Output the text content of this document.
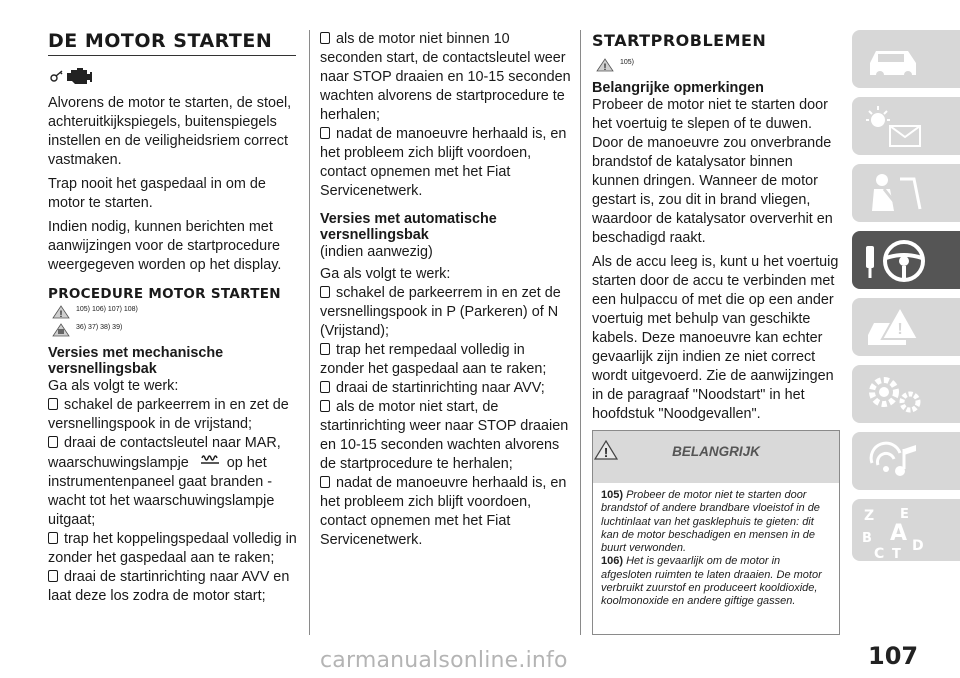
DE MOTOR STARTEN

Alvorens de motor te starten, de stoel, achteruitkijkspiegels, buitenspiegels instellen en de veiligheidsriem correct vastmaken.

Trap nooit het gaspedaal in om de motor te starten.

Indien nodig, kunnen berichten met aanwijzingen voor de startprocedure weergegeven worden op het display.

PROCEDURE MOTOR STARTEN
! 105) 106) 107) 108)
36) 37) 38) 39)
Versies met mechanische versnellingsbak

Ga als volgt te werk:

schakel de parkeerrem in en zet de versnellingspook in de vrijstand;
draai de contactsleutel naar MAR, waarschuwingslampje	op het instrumentenpaneel gaat branden - wacht tot het waarschuwingslampje uitgaat;
trap het koppelingspedaal volledig in zonder het gaspedaal aan te raken;
draai de startinrichting naar AVV en laat deze los zodra de motor start;
als de motor niet binnen 10 seconden start, de contactsleutel weer naar STOP draaien en 10-15 seconden wachten alvorens de startprocedure te herhalen;
nadat de manoeuvre herhaald is, en het probleem zich blijft voordoen, contact opnemen met het Fiat Servicenetwerk.
Versies met automatische versnellingsbak

(indien aanwezig)

Ga als volgt te werk:

schakel de parkeerrem in en zet de versnellingspook in P (Parkeren) of N (Vrijstand);
trap het rempedaal volledig in zonder het gaspedaal aan te raken;
draai de startinrichting naar AVV;
als de motor niet start, de startinrichting weer naar STOP draaien en 10-15 seconden wachten alvorens de startprocedure te herhalen;
nadat de manoeuvre herhaald is, en het probleem zich blijft voordoen, contact opnemen met het Fiat Servicenetwerk.
STARTPROBLEMEN
! 105)
Belangrijke opmerkingen

Probeer de motor niet te starten door het voertuig te slepen of te duwen. Door de manoeuvre zou onverbrande brandstof de katalysator binnen kunnen dringen. Wanneer de motor gestart is, zou dit in brand vliegen, waardoor de katalysator oververhit en beschadigd raakt.

Als de accu leeg is, kunt u het voertuig starten door de accu te verbinden met een hulpaccu of met die op een ander voertuig met behulp van geschikte kabels. Deze manoeuvre kan echter gevaarlijk zijn indien ze niet correct wordt uitgevoerd. Zie de aanwijzingen in de paragraaf "Noodstart" in het hoofdstuk "Noodgevallen".

!	BELANGRIJK
105) Probeer de motor niet te starten door brandstof of andere brandbare vloeistof in de luchtinlaat van het gasklephuis te gieten: dit kan de motor beschadigen en mensen in de buurt verwonden.
106) Het is gevaarlijk om de motor in afgesloten ruimten te laten draaien. De motor verbruikt zuurstof en produceert kooldioxide, koolmonoxide en andere giftige gassen.
!
Z E
B A
C T
D
107
carmanualsonline.info
